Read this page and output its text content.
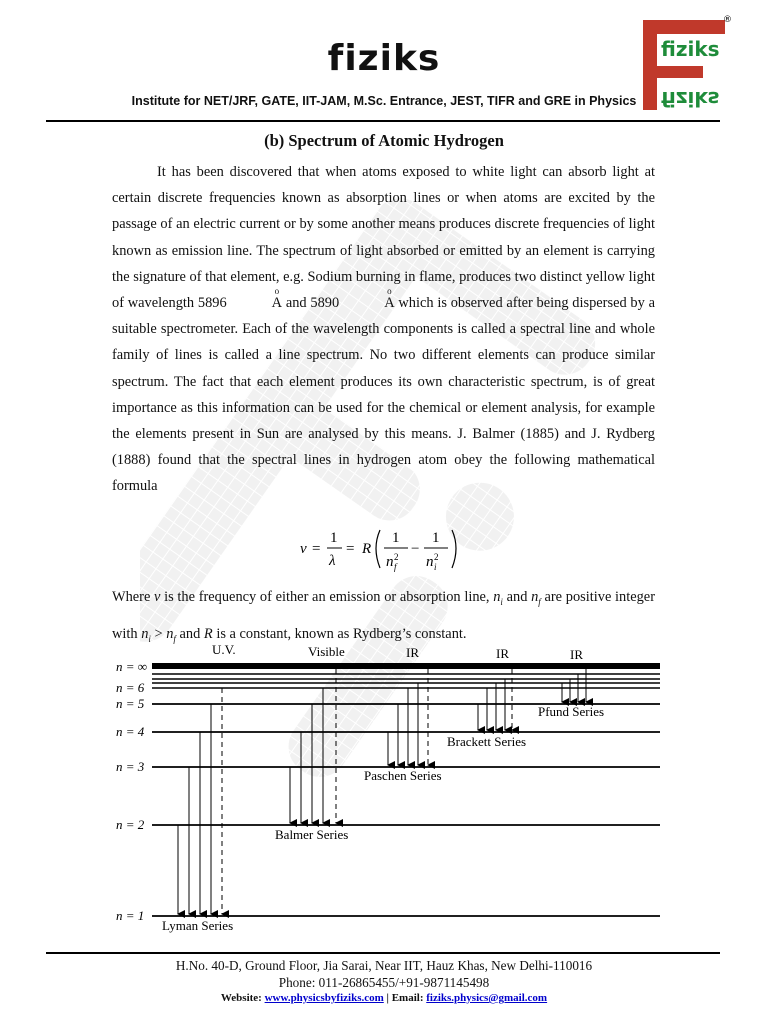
fiziks
Institute for NET/JRF, GATE, IIT-JAM, M.Sc. Entrance, JEST, TIFR and GRE in Physics
fiziks
fiziks
®
(b) Spectrum of Atomic Hydrogen

It has been discovered that when atoms exposed to white light can absorb light at certain discrete frequencies known as absorption lines or when atoms are excited by the passage of an electric current or by some another means produces discrete frequencies of light known as emission line. The spectrum of light absorbed or emitted by an element is carrying the signature of that element, e.g. Sodium burning in flame, produces two distinct yellow light of wavelength 5896	o A and 5890	o A which is observed after being dispersed by a suitable spectrometer. Each of the wavelength components is called a spectral line and whole family of lines is called a line spectrum. No two different elements can produce similar spectrum. The fact that each element produces its own characteristic spectrum, is of great importance as this information can be used for the chemical or element analysis, for example the elements present in Sun are analysed by this means. J. Balmer (1885) and J. Rydberg (1888) found that the spectral lines in hydrogen atom obey the following mathematical formula

ν =
1
λ
= R
1
n 2
f
−
1
n 2
i

Where ν is the frequency of either an emission or absorption line, $n_i$ and $n_f$ are positive integer with $n_i > n_f$ and R is a constant, known as Rydberg’s constant.

U.V.	Visible	IR	IR	IR
n = ∞
n = 6
n = 5
n = 4
n = 3
n = 2
n = 1
Lyman Series
Balmer Series
Paschen Series
Brackett Series
Pfund Series
H.No. 40-D, Ground Floor, Jia Sarai, Near IIT, Hauz Khas, New Delhi-110016
Phone: 011-26865455/+91-9871145498
Website: www.physicsbyfiziks.com | Email: fiziks.physics@gmail.com
